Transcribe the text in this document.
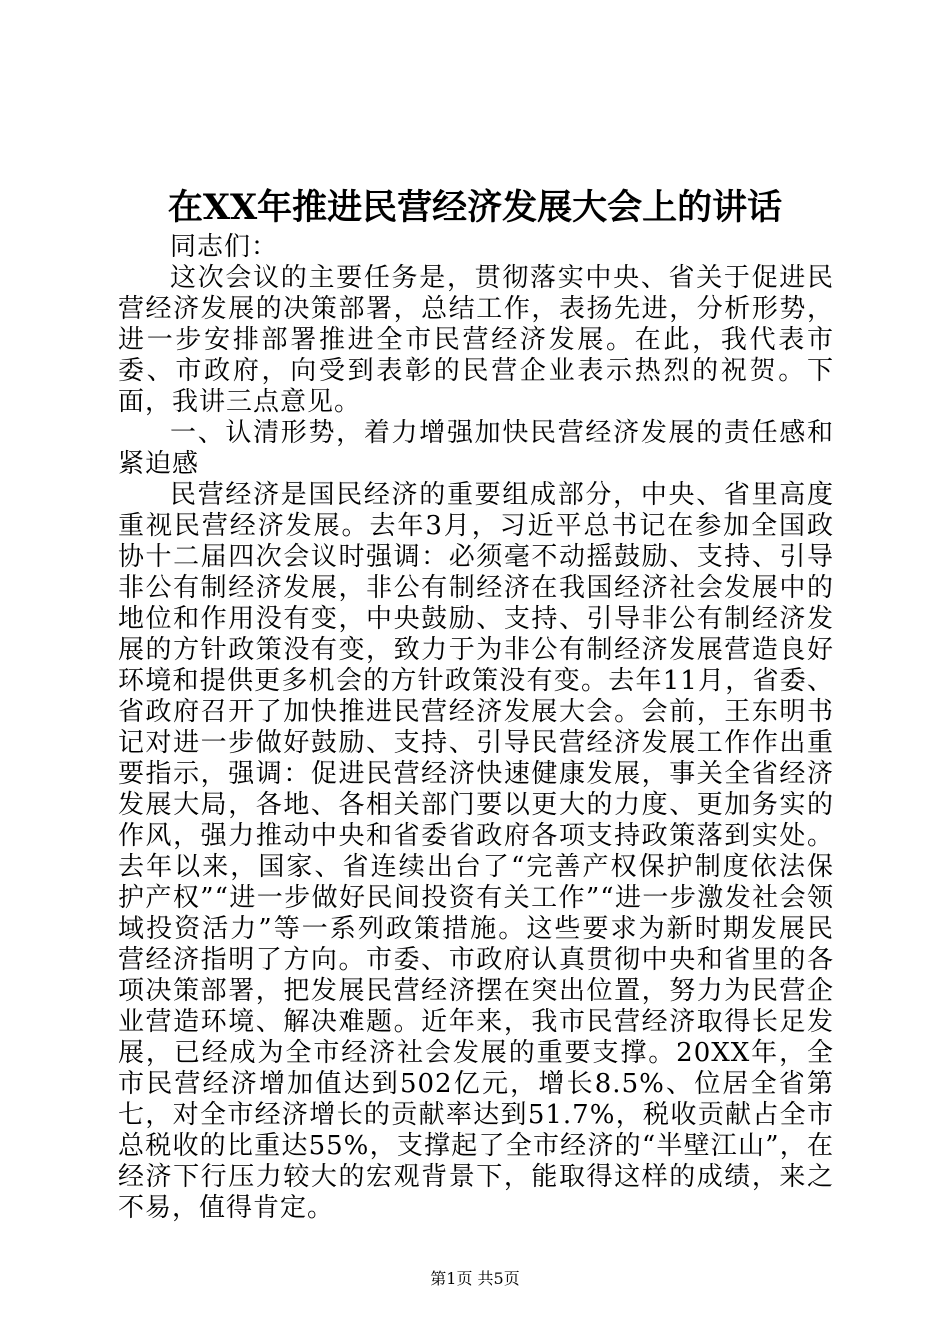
在XX年推进民营经济发展大会上的讲话

同志们：

这次会议的主要任务是，贯彻落实中央、省关于促进民营经济发展的决策部署，总结工作，表扬先进，分析形势，进一步安排部署推进全市民营经济发展。在此，我代表市委、市政府，向受到表彰的民营企业表示热烈的祝贺。下面，我讲三点意见。

一、认清形势，着力增强加快民营经济发展的责任感和紧迫感

民营经济是国民经济的重要组成部分，中央、省里高度重视民营经济发展。去年3月，习近平总书记在参加全国政协十二届四次会议时强调：必须毫不动摇鼓励、支持、引导非公有制经济发展，非公有制经济在我国经济社会发展中的地位和作用没有变，中央鼓励、支持、引导非公有制经济发展的方针政策没有变，致力于为非公有制经济发展营造良好环境和提供更多机会的方针政策没有变。去年11月，省委、省政府召开了加快推进民营经济发展大会。会前，王东明书记对进一步做好鼓励、支持、引导民营经济发展工作作出重要指示，强调：促进民营经济快速健康发展，事关全省经济发展大局，各地、各相关部门要以更大的力度、更加务实的作风，强力推动中央和省委省政府各项支持政策落到实处。去年以来，国家、省连续出台了“完善产权保护制度依法保护产权”“进一步做好民间投资有关工作”“进一步激发社会领域投资活力”等一系列政策措施。这些要求为新时期发展民营经济指明了方向。市委、市政府认真贯彻中央和省里的各项决策部署，把发展民营经济摆在突出位置，努力为民营企业营造环境、解决难题。近年来，我市民营经济取得长足发展，已经成为全市经济社会发展的重要支撑。20XX年，全市民营经济增加值达到502亿元，增长8.5%、位居全省第七，对全市经济增长的贡献率达到51.7%，税收贡献占全市总税收的比重达55%，支撑起了全市经济的“半壁江山”，在经济下行压力较大的宏观背景下，能取得这样的成绩，来之不易，值得肯定。

第1页 共5页
